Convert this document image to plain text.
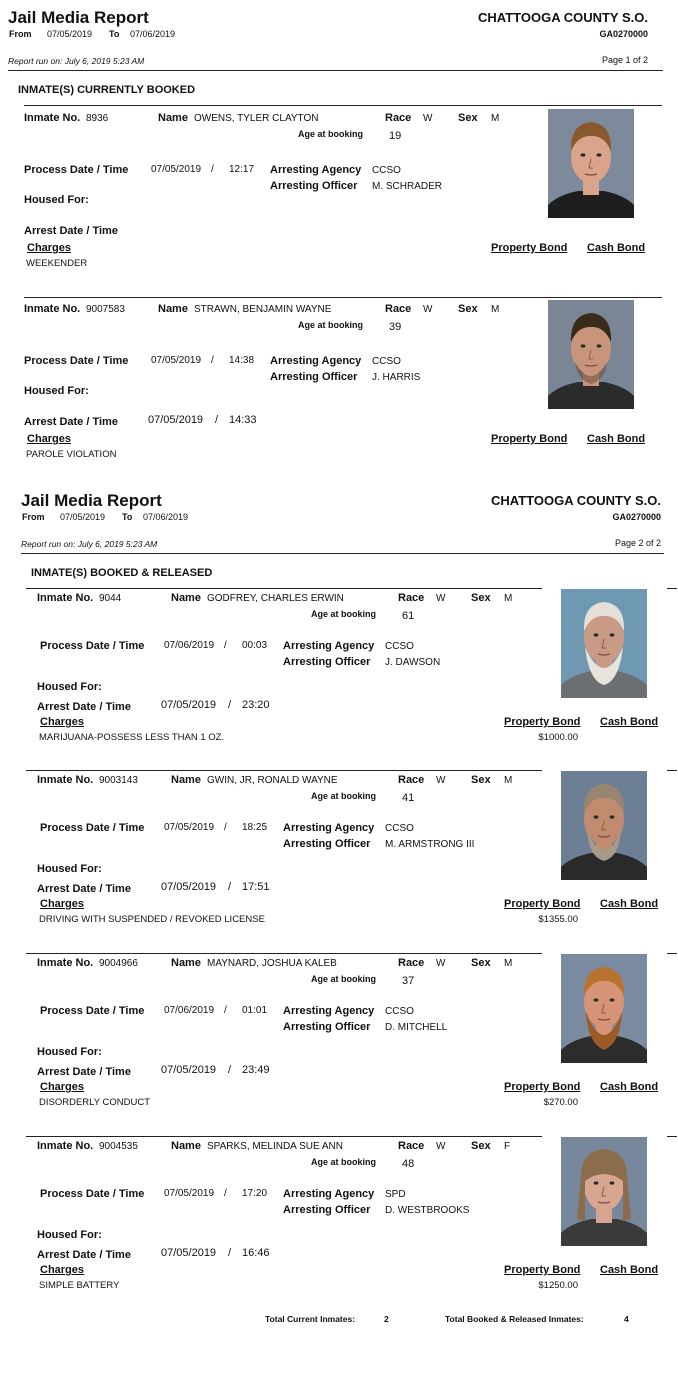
Jail Media Report
From 07/05/2019 To 07/06/2019
CHATTOOGA COUNTY S.O.
GA0270000
Report run on: July 6, 2019 5:23 AM	Page 1 of 2
INMATE(S) CURRENTLY BOOKED
Jail Media Report
From 07/05/2019 To 07/06/2019
CHATTOOGA COUNTY S.O.
GA0270000
Report run on: July 6, 2019 5:23 AM	Page 2 of 2
INMATE(S) BOOKED & RELEASED
Inmate No. 8936	Name OWENS, TYLER CLAYTON	Race W Sex M
Age at booking 19
Process Date / Time 07/05/2019 / 12:17 Arresting Agency CCSO
Arresting Officer M. SCHRADER
Housed For:
Arrest Date / Time
Charges	Property Bond Cash Bond
WEEKENDER
Inmate No. 9007583	Name STRAWN, BENJAMIN WAYNE	Race W Sex M
Age at booking 39
Process Date / Time 07/05/2019 / 14:38 Arresting Agency CCSO
Arresting Officer J. HARRIS
Housed For:
Arrest Date / Time	07/05/2019 / 14:33
Charges	Property Bond Cash Bond
PAROLE VIOLATION
Inmate No. 9044	Name GODFREY, CHARLES ERWIN	Race W Sex M
Age at booking 61
Process Date / Time 07/06/2019 / 00:03 Arresting Agency CCSO
Arresting Officer J. DAWSON
Housed For:
Arrest Date / Time	07/05/2019 / 23:20
Charges	Property Bond Cash Bond
MARIJUANA-POSSESS LESS THAN 1 OZ.	$1000.00
Inmate No. 9003143	Name GWIN, JR, RONALD WAYNE	Race W Sex M
Age at booking 41
Process Date / Time 07/05/2019 / 18:25 Arresting Agency CCSO
Arresting Officer M. ARMSTRONG III
Housed For:
Arrest Date / Time	07/05/2019 / 17:51
Charges	Property Bond Cash Bond
DRIVING WITH SUSPENDED / REVOKED LICENSE	$1355.00
Inmate No. 9004966	Name MAYNARD, JOSHUA KALEB	Race W Sex M
Age at booking 37
Process Date / Time 07/06/2019 / 01:01 Arresting Agency CCSO
Arresting Officer D. MITCHELL
Housed For:
Arrest Date / Time	07/05/2019 / 23:49
Charges	Property Bond Cash Bond
DISORDERLY CONDUCT	$270.00
Inmate No. 9004535	Name SPARKS, MELINDA SUE ANN	Race W Sex F
Age at booking 48
Process Date / Time 07/05/2019 / 17:20 Arresting Agency SPD
Arresting Officer D. WESTBROOKS
Housed For:
Arrest Date / Time	07/05/2019 / 16:46
Charges	Property Bond Cash Bond
SIMPLE BATTERY	$1250.00
Total Current Inmates:	2	Total Booked & Released Inmates:	4
